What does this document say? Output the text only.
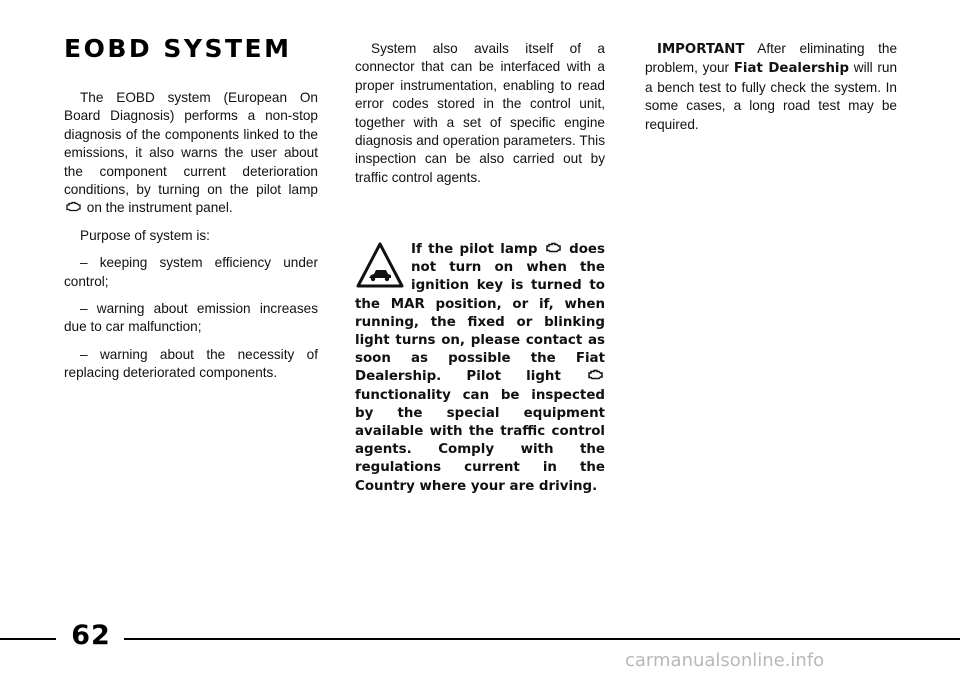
EOBD SYSTEM

The EOBD system (European On Board Diagnosis) performs a non-stop diagnosis of the components linked to the emissions, it also warns the user about the component current deterioration conditions, by turning on the pilot lamp  on the instrument panel.

Purpose of system is:

– keeping system efficiency under control;

– warning about emission increases due to car malfunction;

– warning about the necessity of replacing deteriorated components.

System also avails itself of a connector that can be interfaced with a proper instrumentation, enabling to read error codes stored in the control unit, together with a set of specific engine diagnosis and operation parameters. This inspection can be also carried out by traffic control agents.

If the pilot lamp does not turn on when the ignition key is turned to the MAR position, or if, when running, the fixed or blinking light turns on, please contact as soon as possible the Fiat Dealership. Pilot light  functionality can be inspected by the special equipment available with the traffic control agents. Comply with the regulations current in the Country where your are driving.

IMPORTANT After eliminating the problem, your Fiat Dealership will run a bench test to fully check the system. In some cases, a long road test may be required.

62
carmanualsonline.info
